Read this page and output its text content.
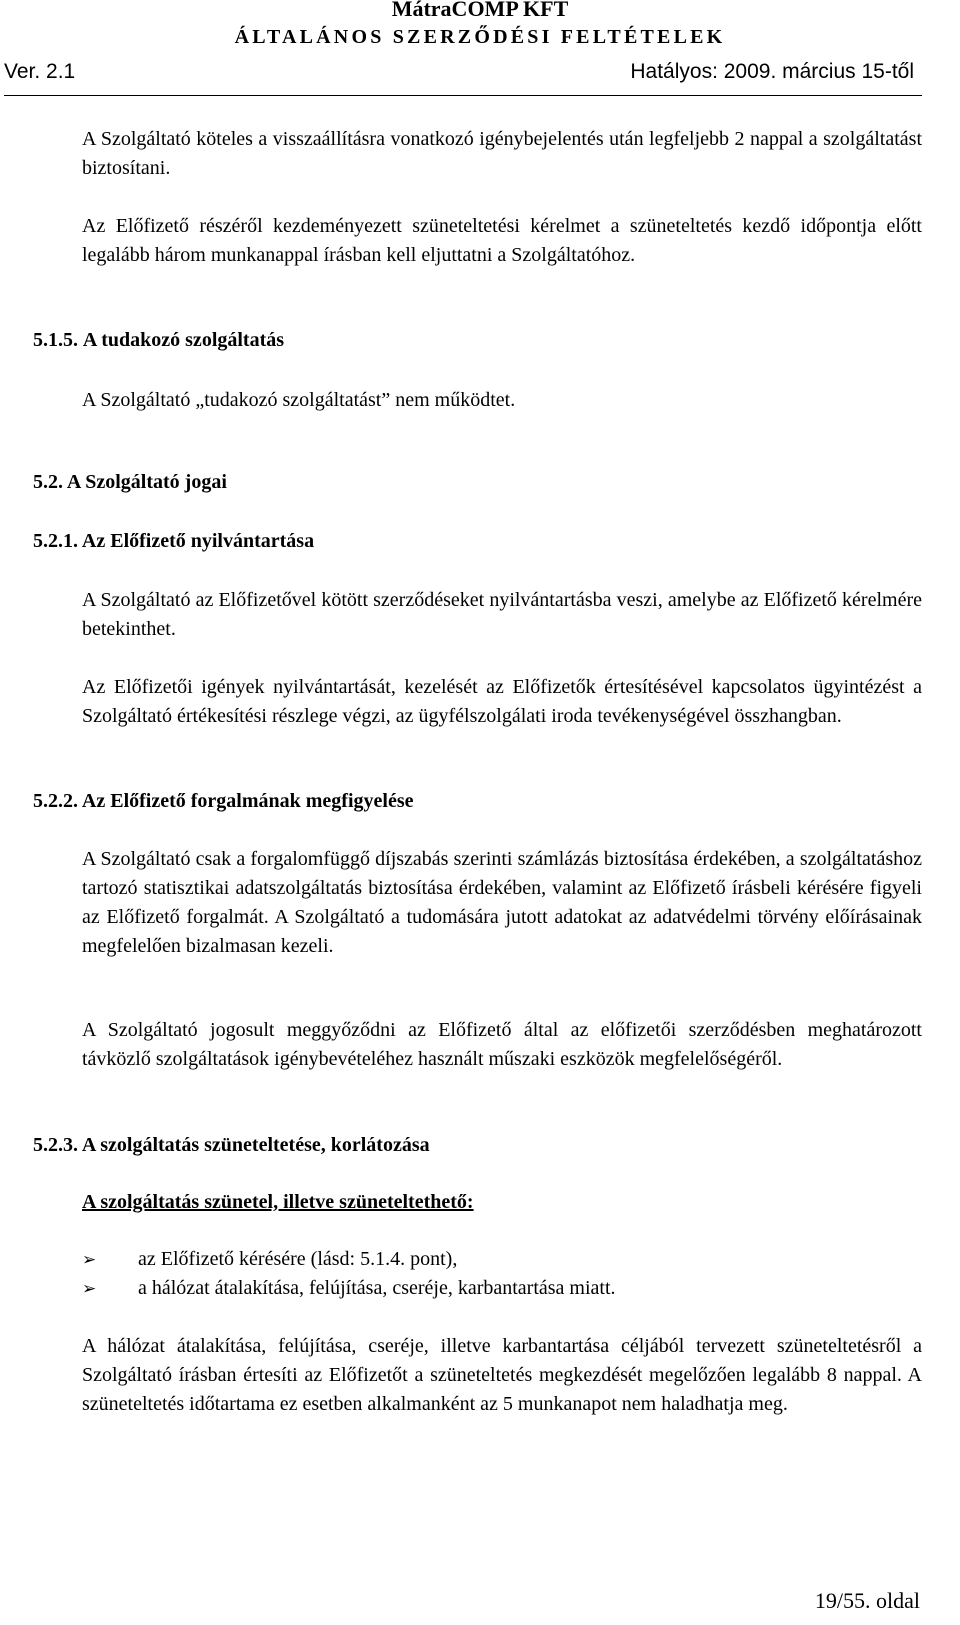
MátraCOMP KFT
ÁLTALÁNOS SZERZŐDÉSI FELTÉTELEK
Ver. 2.1	Hatályos: 2009. március 15-től

A Szolgáltató köteles a visszaállításra vonatkozó igénybejelentés után legfeljebb 2 nappal a szolgáltatást biztosítani.

Az Előfizető részéről kezdeményezett szüneteltetési kérelmet a szüneteltetés kezdő időpontja előtt legalább három munkanappal írásban kell eljuttatni a Szolgáltatóhoz.

5.1.5. A tudakozó szolgáltatás

A Szolgáltató „tudakozó szolgáltatást” nem működtet.

5.2. A Szolgáltató jogai
5.2.1. Az Előfizető nyilvántartása

A Szolgáltató az Előfizetővel kötött szerződéseket nyilvántartásba veszi, amelybe az Előfizető kérelmére betekinthet.

Az Előfizetői igények nyilvántartását, kezelését az Előfizetők értesítésével kapcsolatos ügyintézést a Szolgáltató értékesítési részlege végzi, az ügyfélszolgálati iroda tevékenységével összhangban.

5.2.2. Az Előfizető forgalmának megfigyelése

A Szolgáltató csak a forgalomfüggő díjszabás szerinti számlázás biztosítása érdekében, a szolgáltatáshoz tartozó statisztikai adatszolgáltatás biztosítása érdekében, valamint az Előfizető írásbeli kérésére figyeli az Előfizető forgalmát. A Szolgáltató a tudomására jutott adatokat az adatvédelmi törvény előírásainak megfelelően bizalmasan kezeli.

A Szolgáltató jogosult meggyőződni az Előfizető által az előfizetői szerződésben meghatározott távközlő szolgáltatások igénybevételéhez használt műszaki eszközök megfelelőségéről.

5.2.3. A szolgáltatás szüneteltetése, korlátozása
A szolgáltatás szünetel, illetve szüneteltethető:
➢ az Előfizető kérésére (lásd: 5.1.4. pont),
➢ a hálózat átalakítása, felújítása, cseréje, karbantartása miatt.

A hálózat átalakítása, felújítása, cseréje, illetve karbantartása céljából tervezett szüneteltetésről a Szolgáltató írásban értesíti az Előfizetőt a szüneteltetés megkezdését megelőzően legalább 8 nappal. A szüneteltetés időtartama ez esetben alkalmanként az 5 munkanapot nem haladhatja meg.

19/55. oldal
